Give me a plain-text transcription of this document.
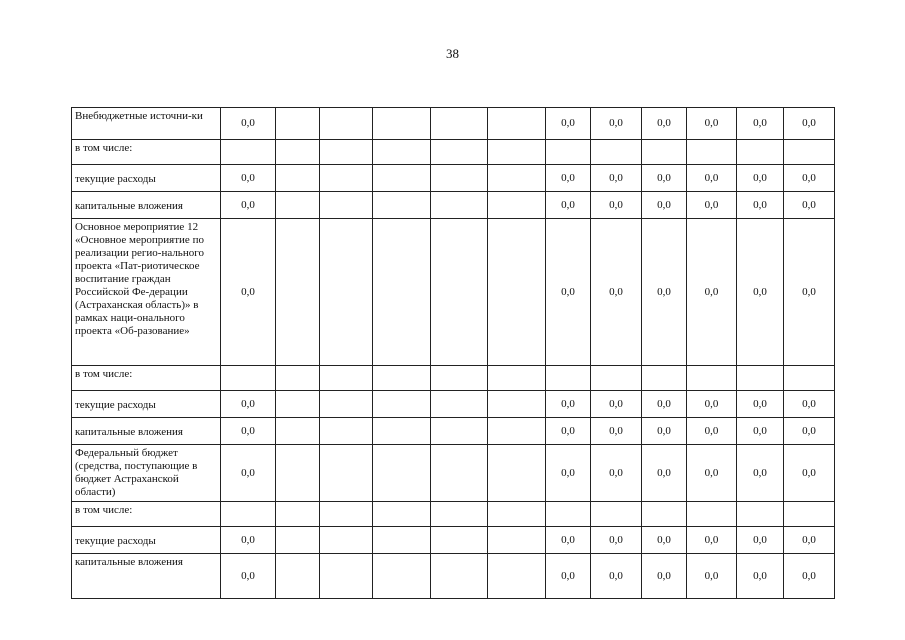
38
Внебюджетные источни-ки	0,0						0,0	0,0	0,0	0,0	0,0	0,0
в том числе:												
текущие расходы	0,0						0,0	0,0	0,0	0,0	0,0	0,0
капитальные вложения	0,0						0,0	0,0	0,0	0,0	0,0	0,0
Основное мероприятие 12 «Основное мероприятие по реализации регио-нального проекта «Пат-риотическое воспитание граждан Российской Фе-дерации (Астраханская область)» в рамках наци-онального проекта «Об-разование»	0,0						0,0	0,0	0,0	0,0	0,0	0,0
в том числе:												
текущие расходы	0,0						0,0	0,0	0,0	0,0	0,0	0,0
капитальные вложения	0,0						0,0	0,0	0,0	0,0	0,0	0,0
Федеральный бюджет (средства, поступающие в бюджет Астраханской области)	0,0						0,0	0,0	0,0	0,0	0,0	0,0
в том числе:												
текущие расходы	0,0						0,0	0,0	0,0	0,0	0,0	0,0
капитальные вложения	0,0						0,0	0,0	0,0	0,0	0,0	0,0
